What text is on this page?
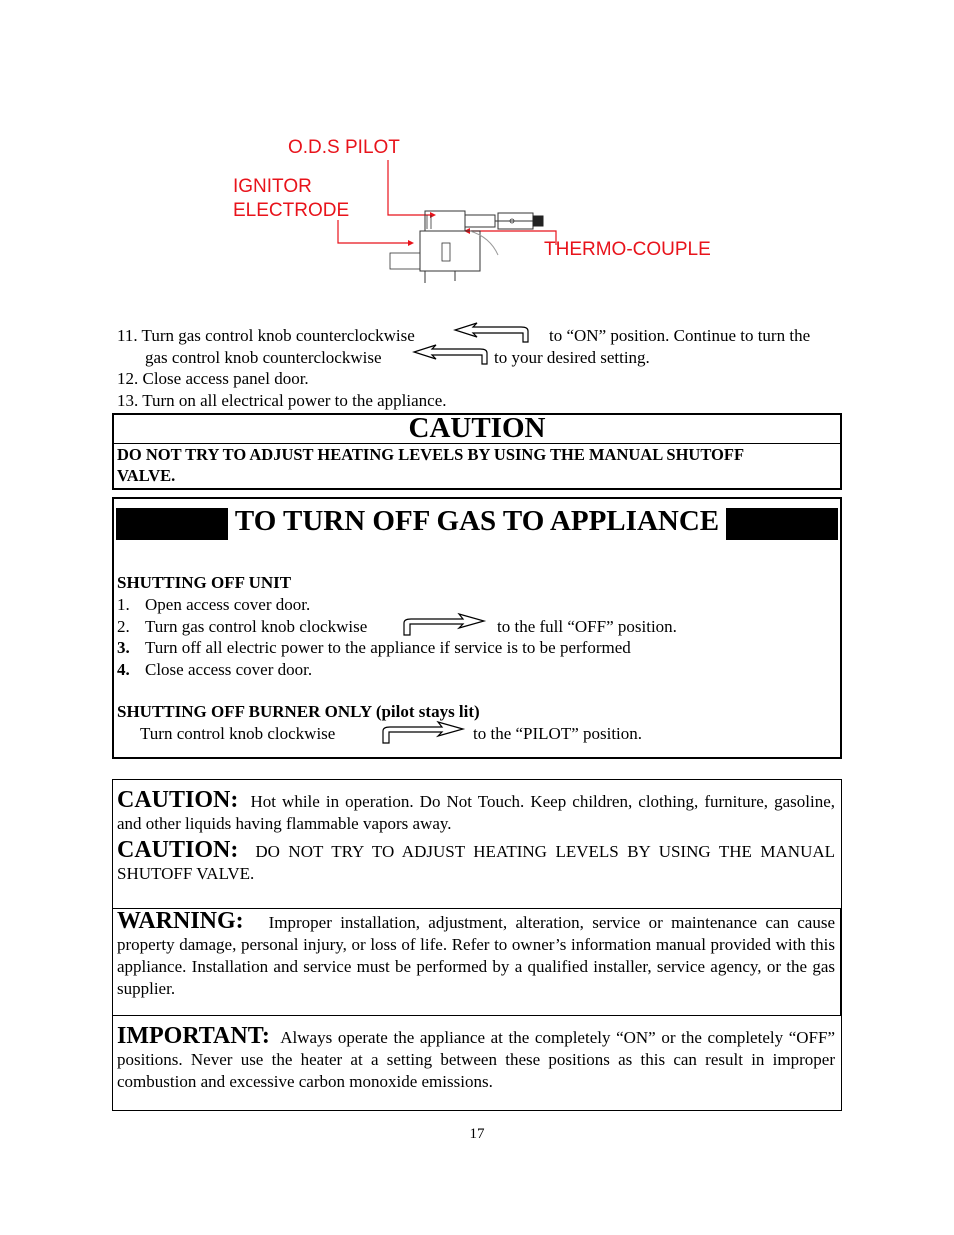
O.D.S PILOT
IGNITOR
ELECTRODE
THERMO-COUPLE
11. Turn gas control knob counterclockwise	to “ON” position. Continue to turn the
gas control knob counterclockwise	to your desired setting.
12. Close access panel door.
13. Turn on all electrical power to the appliance.
CAUTION
DO NOT TRY TO ADJUST HEATING LEVELS BY USING THE MANUAL SHUTOFF
VALVE.
TO TURN OFF GAS TO APPLIANCE
SHUTTING OFF UNIT
1. Open access cover door.
2. Turn gas control knob clockwise	to the full “OFF” position.
3. Turn off all electric power to the appliance if service is to be performed
4. Close access cover door.
SHUTTING OFF BURNER ONLY (pilot stays lit)
Turn control knob clockwise	to the “PILOT” position.
CAUTION: Hot while in operation. Do Not Touch. Keep children, clothing, furniture, gasoline, and other liquids having flammable vapors away.
CAUTION: DO NOT TRY TO ADJUST HEATING LEVELS BY USING THE MANUAL SHUTOFF VALVE.
WARNING: Improper installation, adjustment, alteration, service or maintenance can cause property damage, personal injury, or loss of life. Refer to owner’s information manual provided with this appliance. Installation and service must be performed by a qualified installer, service agency, or the gas supplier.
IMPORTANT: Always operate the appliance at the completely “ON” or the completely “OFF” positions. Never use the heater at a setting between these positions as this can result in improper combustion and excessive carbon monoxide emissions.
17
